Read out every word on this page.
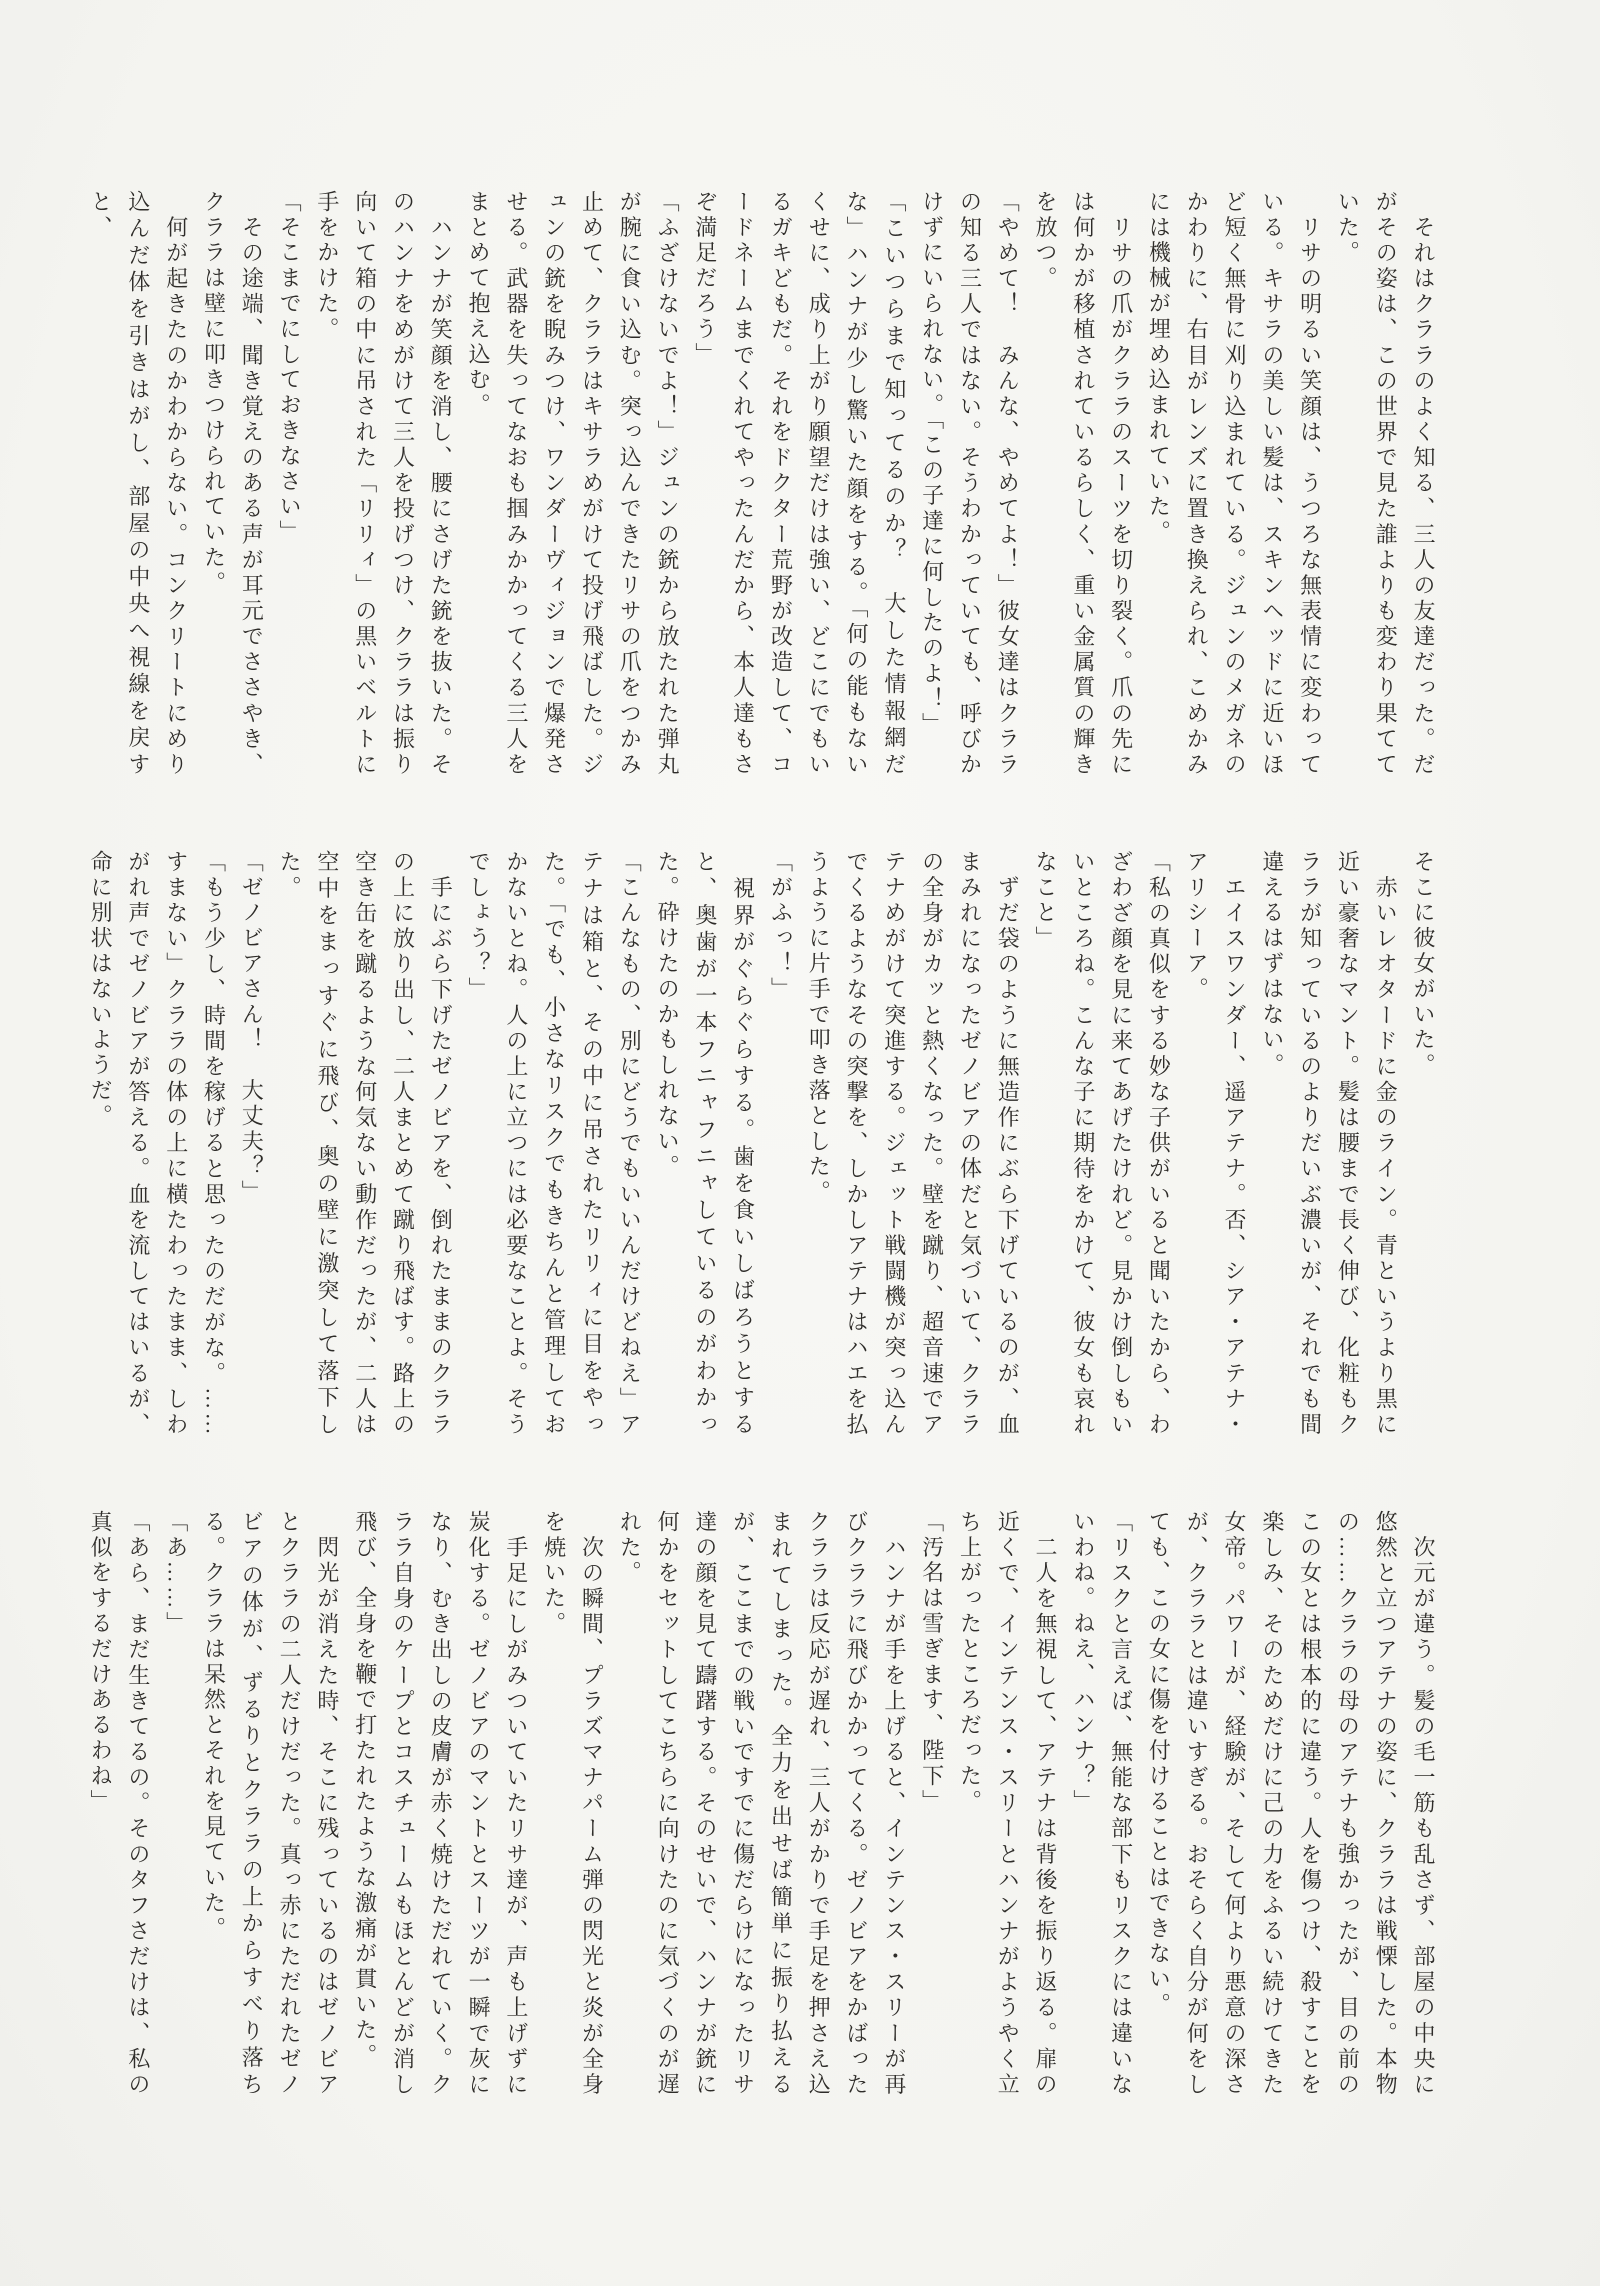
　それはクララのよく知る、三人の友達だった。だがその姿は、この世界で見た誰よりも変わり果てていた。

　リサの明るい笑顔は、うつろな無表情に変わっている。キサラの美しい髪は、スキンヘッドに近いほど短く無骨に刈り込まれている。ジュンのメガネのかわりに、右目がレンズに置き換えられ、こめかみには機械が埋め込まれていた。

　リサの爪がクララのスーツを切り裂く。爪の先には何かが移植されているらしく、重い金属質の輝きを放つ。

「やめて！　みんな、やめてよ！」彼女達はクララの知る三人ではない。そうわかっていても、呼びかけずにいられない。「この子達に何したのよ！」

「こいつらまで知ってるのか？　大した情報網だな」ハンナが少し驚いた顔をする。「何の能もないくせに、成り上がり願望だけは強い、どこにでもいるガキどもだ。それをドクター荒野が改造して、コードネームまでくれてやったんだから、本人達もさぞ満足だろう」

「ふざけないでよ！」ジュンの銃から放たれた弾丸が腕に食い込む。突っ込んできたリサの爪をつかみ止めて、クララはキサラめがけて投げ飛ばした。ジュンの銃を睨みつけ、ワンダーヴィジョンで爆発させる。武器を失ってなおも掴みかかってくる三人をまとめて抱え込む。

　ハンナが笑顔を消し、腰にさげた銃を抜いた。そのハンナをめがけて三人を投げつけ、クララは振り向いて箱の中に吊された「リリィ」の黒いベルトに手をかけた。

「そこまでにしておきなさい」

　その途端、聞き覚えのある声が耳元でささやき、クララは壁に叩きつけられていた。

　何が起きたのかわからない。コンクリートにめり込んだ体を引きはがし、部屋の中央へ視線を戻すと、

そこに彼女がいた。

　赤いレオタードに金のライン。青というより黒に近い豪奢なマント。髪は腰まで長く伸び、化粧もクララが知っているのよりだいぶ濃いが、それでも間違えるはずはない。

　エイスワンダー、遥アテナ。否、シア・アテナ・アリシーア。

「私の真似をする妙な子供がいると聞いたから、わざわざ顔を見に来てあげたけれど。見かけ倒しもいいところね。こんな子に期待をかけて、彼女も哀れなこと」

　ずだ袋のように無造作にぶら下げているのが、血まみれになったゼノビアの体だと気づいて、クララの全身がカッと熱くなった。壁を蹴り、超音速でアテナめがけて突進する。ジェット戦闘機が突っ込んでくるようなその突撃を、しかしアテナはハエを払うように片手で叩き落とした。

「がふっ！」

　視界がぐらぐらする。歯を食いしばろうとすると、奥歯が一本フニャフニャしているのがわかった。砕けたのかもしれない。

「こんなもの、別にどうでもいいんだけどねえ」アテナは箱と、その中に吊されたリリィに目をやった。「でも、小さなリスクでもきちんと管理しておかないとね。人の上に立つには必要なことよ。そうでしょう？」

　手にぶら下げたゼノビアを、倒れたままのクララの上に放り出し、二人まとめて蹴り飛ばす。路上の空き缶を蹴るような何気ない動作だったが、二人は空中をまっすぐに飛び、奥の壁に激突して落下した。

「ゼノビアさん！　大丈夫？」

「もう少し、時間を稼げると思ったのだがな。……すまない」クララの体の上に横たわったまま、しわがれ声でゼノビアが答える。血を流してはいるが、命に別状はないようだ。

　次元が違う。髪の毛一筋も乱さず、部屋の中央に悠然と立つアテナの姿に、クララは戦慄した。本物の……クララの母のアテナも強かったが、目の前のこの女とは根本的に違う。人を傷つけ、殺すことを楽しみ、そのためだけに己の力をふるい続けてきた女帝。パワーが、経験が、そして何より悪意の深さが、クララとは違いすぎる。おそらく自分が何をしても、この女に傷を付けることはできない。

「リスクと言えば、無能な部下もリスクには違いないわね。ねえ、ハンナ？」

　二人を無視して、アテナは背後を振り返る。扉の近くで、インテンス・スリーとハンナがようやく立ち上がったところだった。

「汚名は雪ぎます、陛下」

　ハンナが手を上げると、インテンス・スリーが再びクララに飛びかかってくる。ゼノビアをかばったクララは反応が遅れ、三人がかりで手足を押さえ込まれてしまった。全力を出せば簡単に振り払えるが、ここまでの戦いですでに傷だらけになったリサ達の顔を見て躊躇する。そのせいで、ハンナが銃に何かをセットしてこちらに向けたのに気づくのが遅れた。

　次の瞬間、プラズマナパーム弾の閃光と炎が全身を焼いた。

　手足にしがみついていたリサ達が、声も上げずに炭化する。ゼノビアのマントとスーツが一瞬で灰になり、むき出しの皮膚が赤く焼けただれていく。クララ自身のケープとコスチュームもほとんどが消し飛び、全身を鞭で打たれたような激痛が貫いた。

　閃光が消えた時、そこに残っているのはゼノビアとクララの二人だけだった。真っ赤にただれたゼノビアの体が、ずるりとクララの上からすべり落ちる。クララは呆然とそれを見ていた。

「あ……」

「あら、まだ生きてるの。そのタフさだけは、私の真似をするだけあるわね」
